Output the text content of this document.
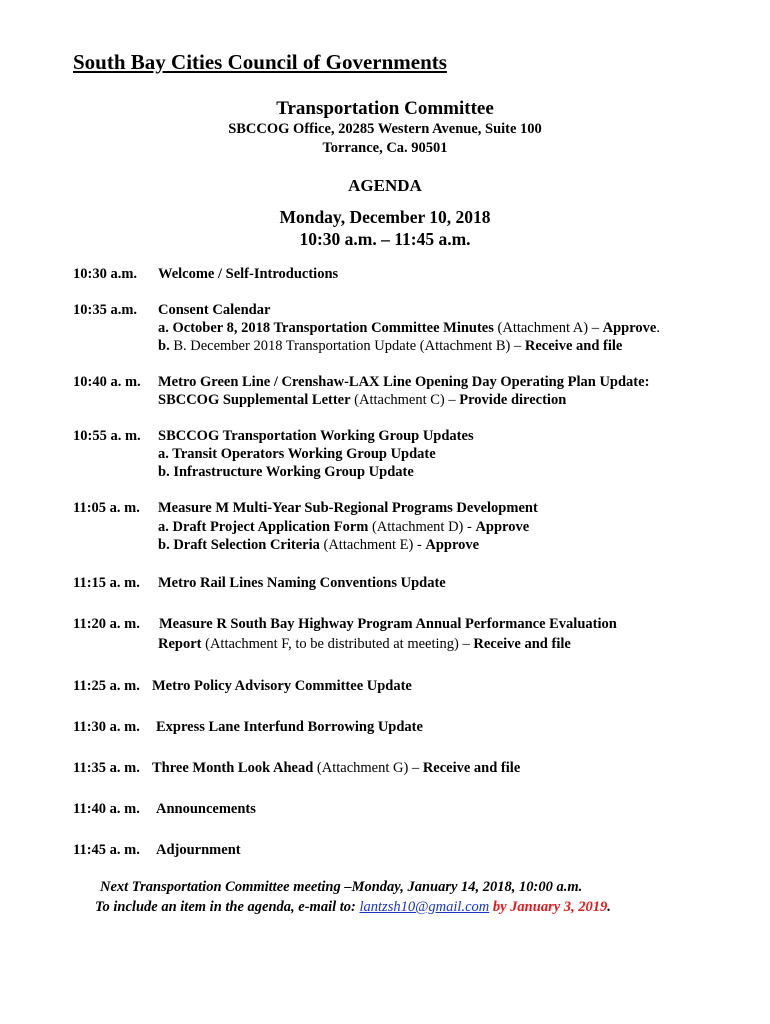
South Bay Cities Council of Governments
Transportation Committee
SBCCOG Office, 20285 Western Avenue, Suite 100
Torrance, Ca. 90501
AGENDA
Monday, December 10, 2018
10:30 a.m. – 11:45 a.m.
10:30 a.m. Welcome / Self-Introductions
10:35 a.m. Consent Calendar
a. October 8, 2018 Transportation Committee Minutes (Attachment A) – Approve.
b. B. December 2018 Transportation Update (Attachment B) – Receive and file
10:40 a. m. Metro Green Line / Crenshaw-LAX Line Opening Day Operating Plan Update:
SBCCOG Supplemental Letter (Attachment C) – Provide direction
10:55 a. m. SBCCOG Transportation Working Group Updates
a. Transit Operators Working Group Update
b. Infrastructure Working Group Update
11:05 a. m. Measure M Multi-Year Sub-Regional Programs Development
a. Draft Project Application Form (Attachment D) - Approve
b. Draft Selection Criteria (Attachment E) - Approve
11:15 a. m. Metro Rail Lines Naming Conventions Update
11:20 a. m. Measure R South Bay Highway Program Annual Performance Evaluation
Report (Attachment F, to be distributed at meeting) – Receive and file
11:25 a. m. Metro Policy Advisory Committee Update
11:30 a. m. Express Lane Interfund Borrowing Update
11:35 a. m. Three Month Look Ahead (Attachment G) – Receive and file
11:40 a. m. Announcements
11:45 a. m. Adjournment
Next Transportation Committee meeting –Monday, January 14, 2018, 10:00 a.m.
To include an item in the agenda, e-mail to: lantzsh10@gmail.com by January 3, 2019.
